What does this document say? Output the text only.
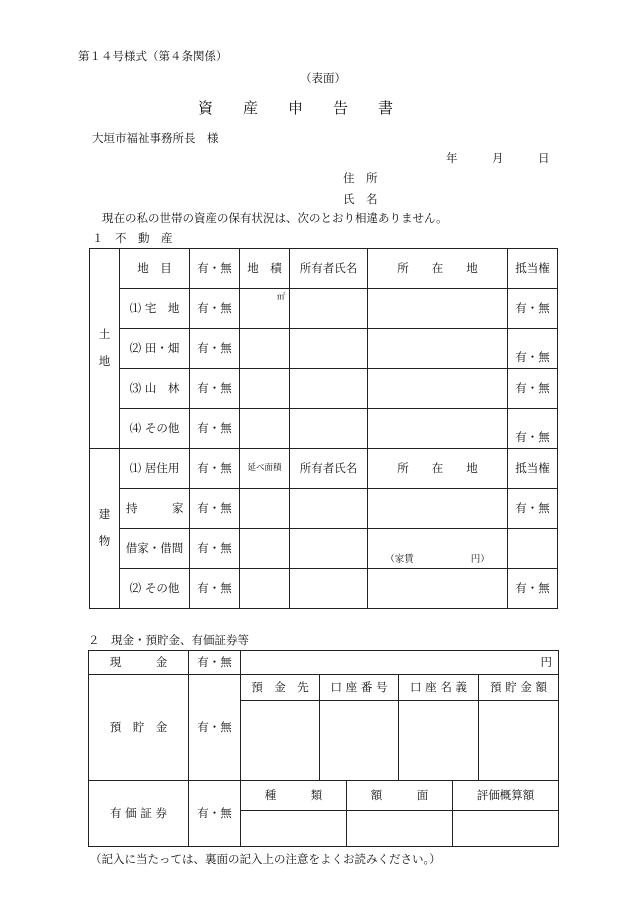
第１４号様式（第４条関係）
（表面）
資　　産　　申　　告　　書
大垣市福祉事務所長　様
年　　　月　　　日
住　所
氏　名
現在の私の世帯の資産の保有状況は、次のとおり相違ありません。
１　不　動　産
土

地	地　目	有・無	地　積	所有者氏名	所　　在　　地	抵当権
	⑴ 宅　地	有・無	㎡			有・無
	⑵ 田・畑	有・無				有・無
	⑶ 山　林	有・無				有・無
	⑷ その他	有・無				有・無
建

物	⑴ 居住用	有・無	延べ面積	所有者氏名	所　　在　　地	抵当権
	持　　　家	有・無				有・無
	借家・借間	有・無			（家賃　　　　　　円）	
	⑵ その他	有・無				有・無
２　現金・預貯金、有価証券等
現　　　金	有・無	円					
預　貯　金	有・無	預　金　先	口 座 番 号		口 座 名 義		預 貯 金 額

有 価 証 券	有・無	種　　　類		額　　　面		評価概算額	

（記入に当たっては、裏面の記入上の注意をよくお読みください。）
